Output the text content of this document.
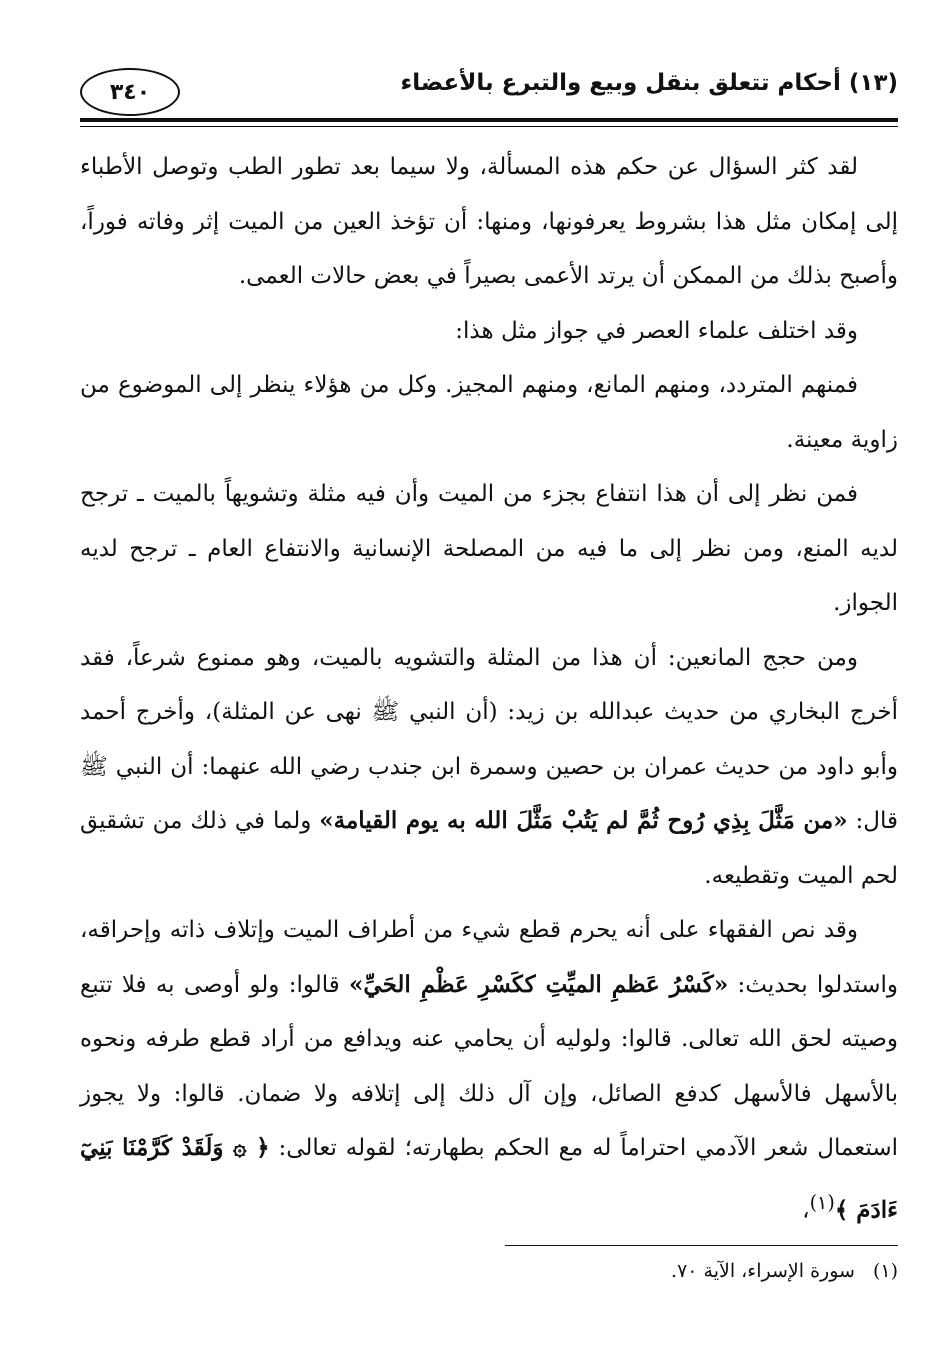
(١٣) أحكام تتعلق بنقل وبيع والتبرع بالأعضاء
٣٤٠

لقد كثر السؤال عن حكم هذه المسألة، ولا سيما بعد تطور الطب وتوصل الأطباء إلى إمكان مثل هذا بشروط يعرفونها، ومنها: أن تؤخذ العين من الميت إثر وفاته فوراً، وأصبح بذلك من الممكن أن يرتد الأعمى بصيراً في بعض حالات العمى.

وقد اختلف علماء العصر في جواز مثل هذا:

فمنهم المتردد، ومنهم المانع، ومنهم المجيز. وكل من هؤلاء ينظر إلى الموضوع من زاوية معينة.

فمن نظر إلى أن هذا انتفاع بجزء من الميت وأن فيه مثلة وتشويهاً بالميت ـ ترجح لديه المنع، ومن نظر إلى ما فيه من المصلحة الإنسانية والانتفاع العام ـ ترجح لديه الجواز.

ومن حجج المانعين: أن هذا من المثلة والتشويه بالميت، وهو ممنوع شرعاً، فقد أخرج البخاري من حديث عبدالله بن زيد: (أن النبي ﷺ نهى عن المثلة)، وأخرج أحمد وأبو داود من حديث عمران بن حصين وسمرة ابن جندب رضي الله عنهما: أن النبي ﷺ قال: «من مَثَّلَ بِذِي رُوح ثُمَّ لم يَتُبْ مَثَّلَ الله به يوم القيامة» ولما في ذلك من تشقيق لحم الميت وتقطيعه.

وقد نص الفقهاء على أنه يحرم قطع شيء من أطراف الميت وإتلاف ذاته وإحراقه، واستدلوا بحديث: «كَسْرُ عَظمِ الميِّتِ ككَسْرِ عَظْمِ الحَيِّ» قالوا: ولو أوصى به فلا تتبع وصيته لحق الله تعالى. قالوا: ولوليه أن يحامي عنه ويدافع من أراد قطع طرفه ونحوه بالأسهل فالأسهل كدفع الصائل، وإن آل ذلك إلى إتلافه ولا ضمان. قالوا: ولا يجوز استعمال شعر الآدمي احتراماً له مع الحكم بطهارته؛ لقوله تعالى: ﴿ ۞ وَلَقَدْ كَرَّمْنَا بَنِيٓ ءَادَمَ ﴾$^{(١)}$،

(١)سورة الإسراء، الآية ٧٠.
